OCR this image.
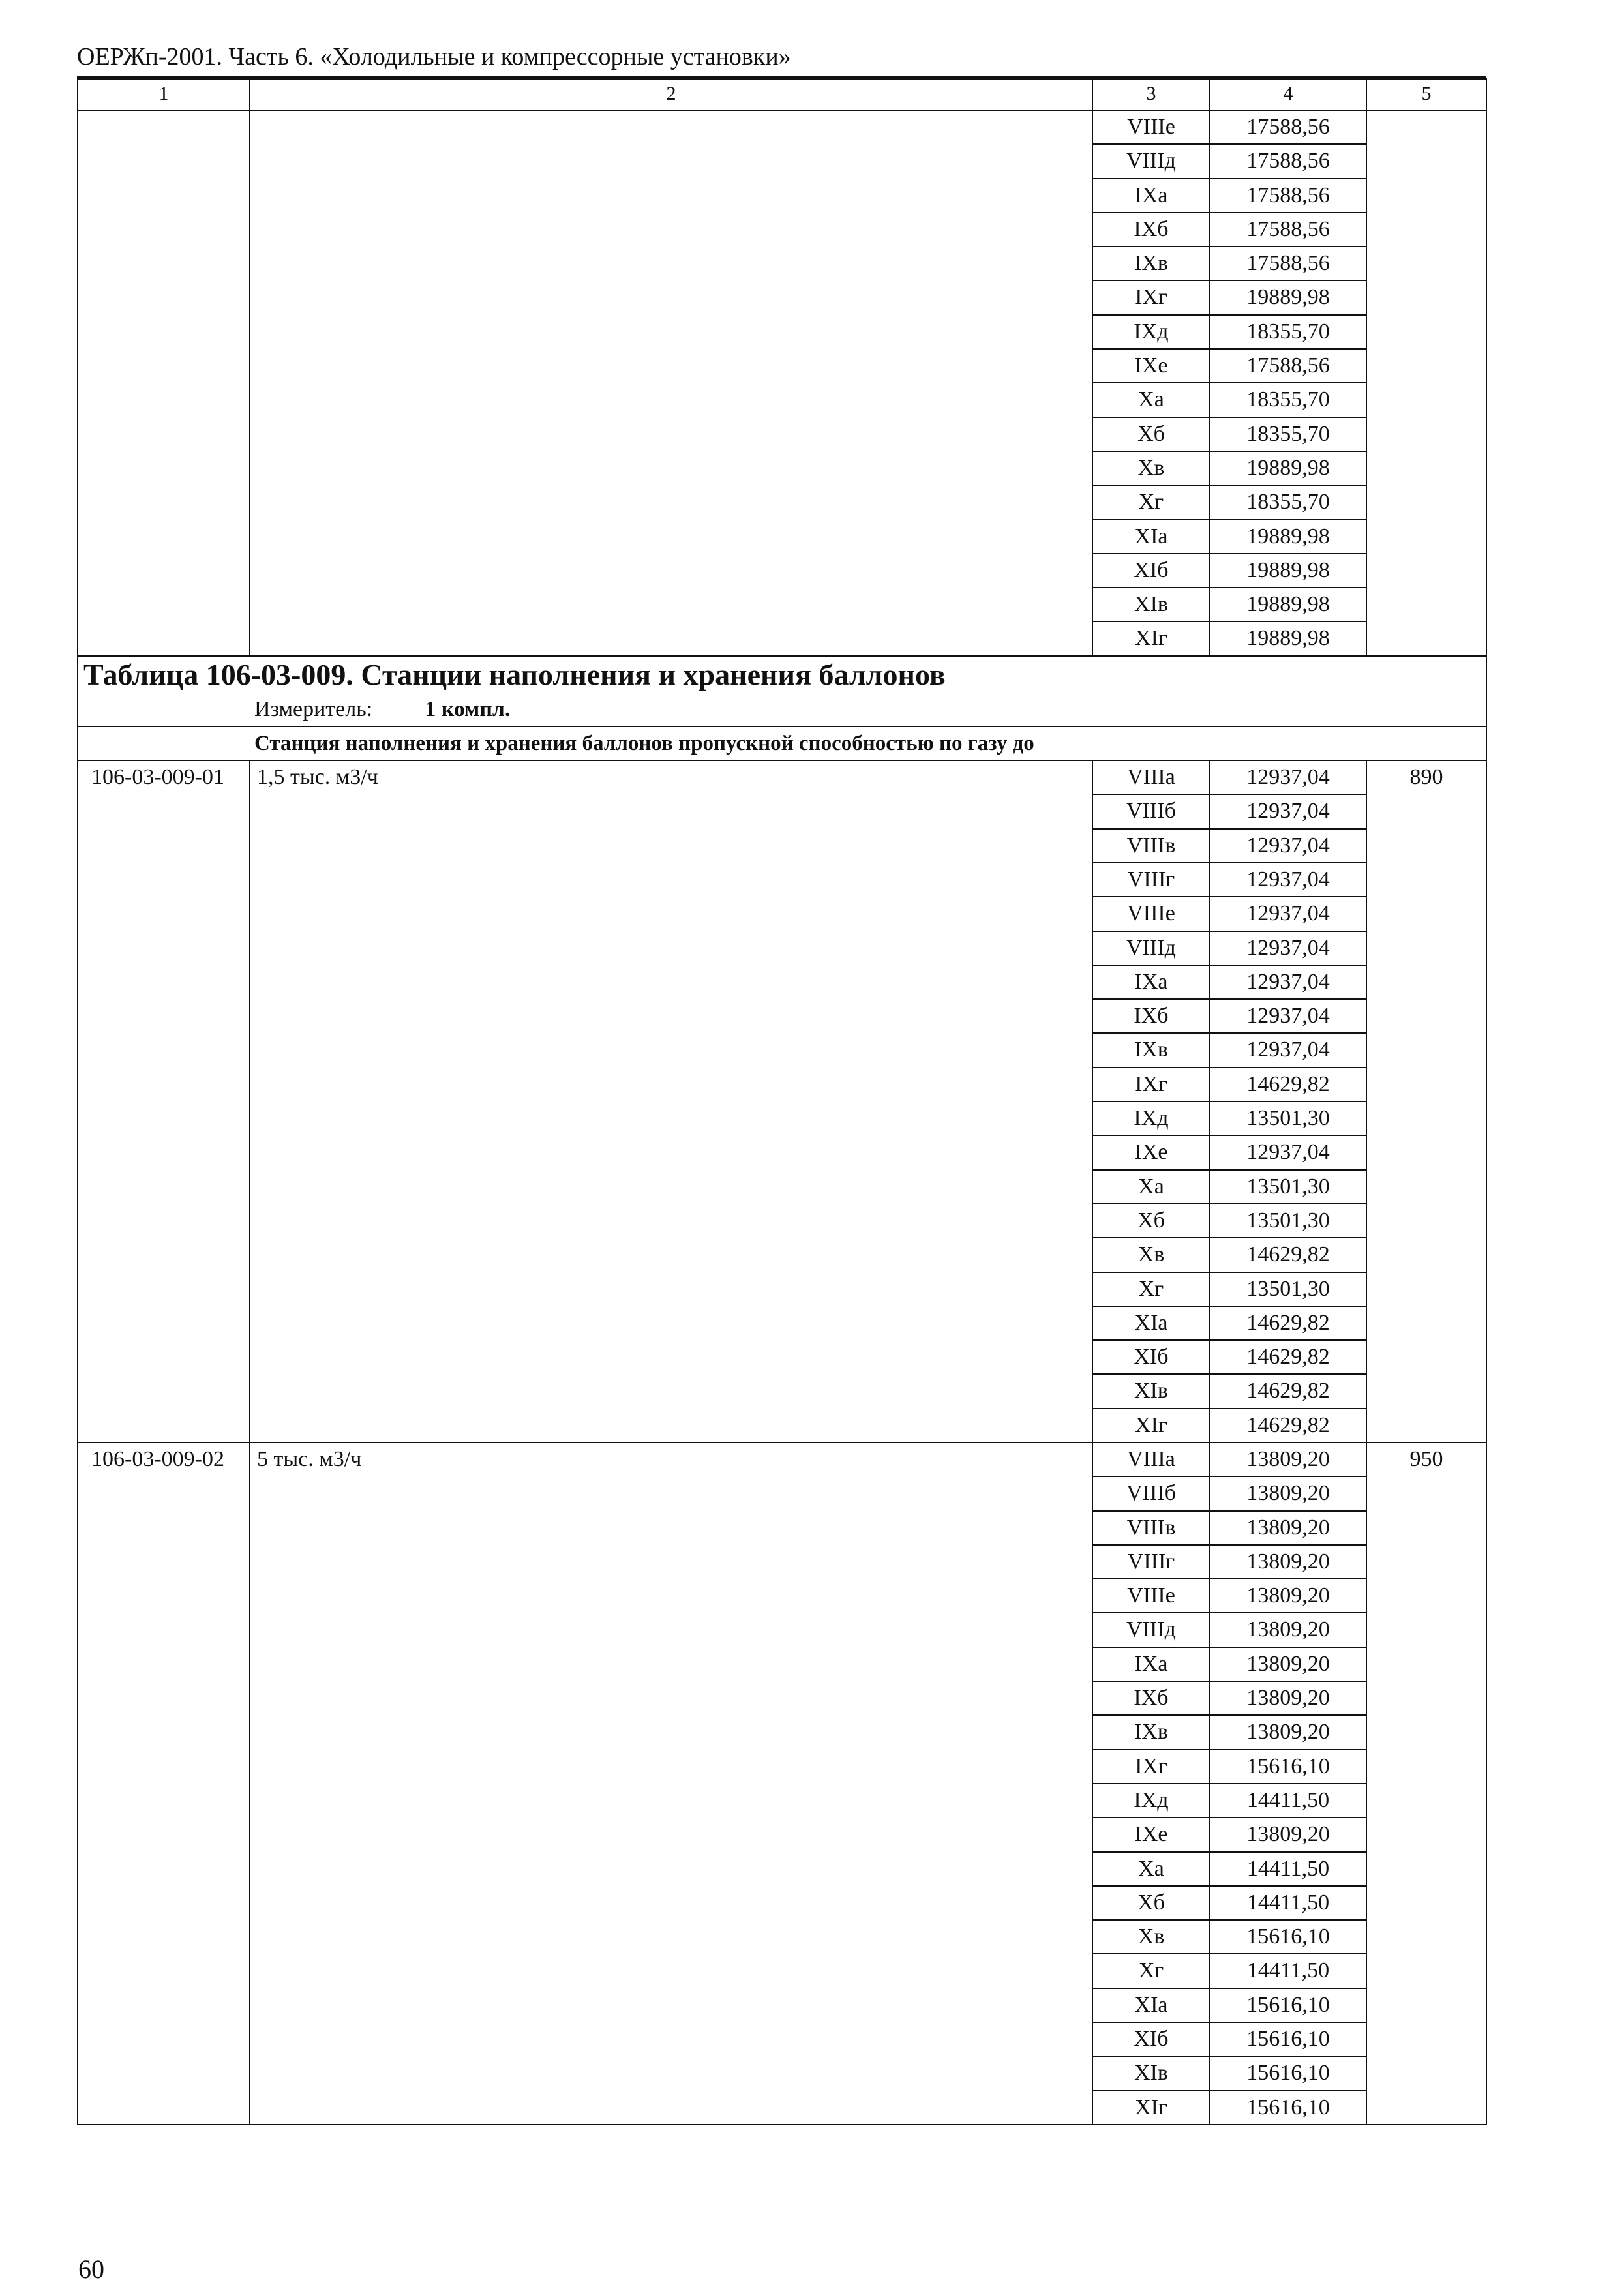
ОЕРЖп-2001. Часть 6. «Холодильные и компрессорные установки»
1	2	3	4	5
		VIIIе	17588,56	
		VIIIд	17588,56	
		IXа	17588,56	
		IXб	17588,56	
		IXв	17588,56	
		IXг	19889,98	
		IXд	18355,70	
		IXе	17588,56	
		Xа	18355,70	
		Xб	18355,70	
		Xв	19889,98	
		Xг	18355,70	
		XIа	19889,98	
		XIб	19889,98	
		XIв	19889,98	
		XIг	19889,98	
Таблица 106-03-009. Станции наполнения и хранения баллонов				
Измеритель: 1 компл.				
Станция наполнения и хранения баллонов пропускной способностью по газу до				
106-03-009-01	1,5 тыс. м3/ч	VIIIа	12937,04	890
		VIIIб	12937,04	
		VIIIв	12937,04	
		VIIIг	12937,04	
		VIIIе	12937,04	
		VIIIд	12937,04	
		IXа	12937,04	
		IXб	12937,04	
		IXв	12937,04	
		IXг	14629,82	
		IXд	13501,30	
		IXе	12937,04	
		Xа	13501,30	
		Xб	13501,30	
		Xв	14629,82	
		Xг	13501,30	
		XIа	14629,82	
		XIб	14629,82	
		XIв	14629,82	
		XIг	14629,82	
106-03-009-02	5 тыс. м3/ч	VIIIа	13809,20	950
		VIIIб	13809,20	
		VIIIв	13809,20	
		VIIIг	13809,20	
		VIIIе	13809,20	
		VIIIд	13809,20	
		IXа	13809,20	
		IXб	13809,20	
		IXв	13809,20	
		IXг	15616,10	
		IXд	14411,50	
		IXе	13809,20	
		Xа	14411,50	
		Xб	14411,50	
		Xв	15616,10	
		Xг	14411,50	
		XIа	15616,10	
		XIб	15616,10	
		XIв	15616,10	
		XIг	15616,10	
60
